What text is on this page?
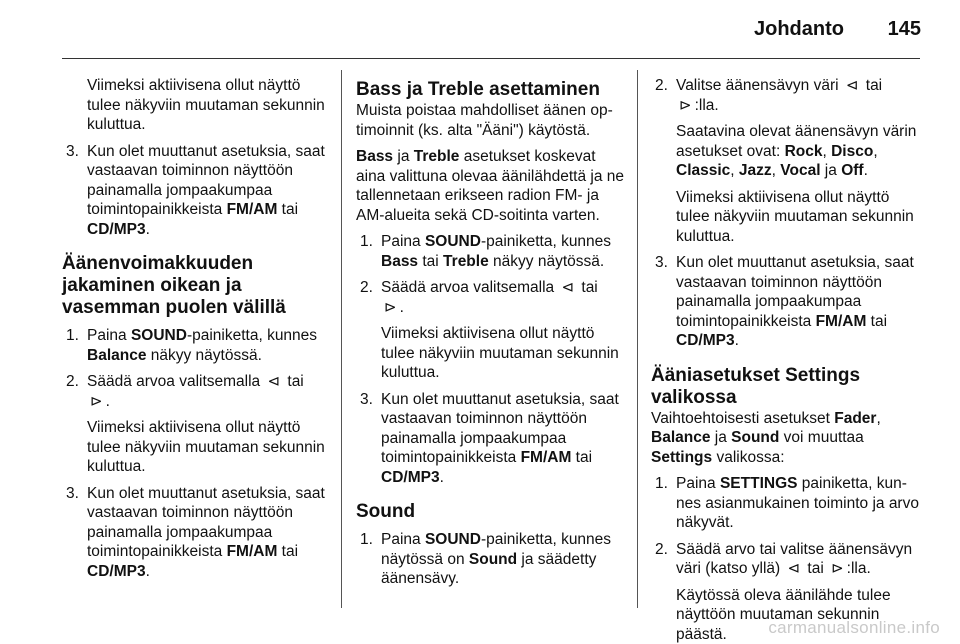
Johdanto 145

Viimeksi aktiivisena ollut näyttö tulee näkyviin muutaman sekunnin kuluttua.

3. Kun olet muuttanut asetuksia, saat vastaavan toiminnon näyttöön painamalla jompaakumpaa toimintopainikkeista FM/AM tai CD/MP3.

Äänenvoimakkuuden jakaminen oikean ja vasemman puolen välillä
1. Paina SOUND-painiketta, kunnes Balance näkyy näytössä.

2. Säädä arvoa valitsemalla ⊲ tai
⊳ .

Viimeksi aktiivisena ollut näyttö tulee näkyviin muutaman sekunnin kuluttua.

3. Kun olet muuttanut asetuksia, saat vastaavan toiminnon näyttöön painamalla jompaakumpaa toimintopainikkeista FM/AM tai CD/MP3.

Bass ja Treble asettaminen

Muista poistaa mahdolliset äänen optimoinnit (ks. alta "Ääni") käytöstä.

Bass ja Treble asetukset koskevat aina valittuna olevaa äänilähdettä ja ne tallennetaan erikseen radion FM- ja AM-alueita sekä CD-soitinta varten.

1. Paina SOUND-painiketta, kunnes Bass tai Treble näkyy näytössä.

2. Säädä arvoa valitsemalla ⊲ tai
⊳ .

Viimeksi aktiivisena ollut näyttö tulee näkyviin muutaman sekunnin kuluttua.

3. Kun olet muuttanut asetuksia, saat vastaavan toiminnon näyttöön painamalla jompaakumpaa toimintopainikkeista FM/AM tai CD/MP3.

Sound
1. Paina SOUND-painiketta, kunnes näytössä on Sound ja säädetty äänensävy.

2. Valitse äänensävyn väri ⊲ tai
⊳ :lla.

Saatavina olevat äänensävyn värin asetukset ovat: Rock, Disco, Classic, Jazz, Vocal ja Off.

Viimeksi aktiivisena ollut näyttö tulee näkyviin muutaman sekunnin kuluttua.

3. Kun olet muuttanut asetuksia, saat vastaavan toiminnon näyttöön painamalla jompaakumpaa toimintopainikkeista FM/AM tai CD/MP3.

Ääniasetukset Settings valikossa

Vaihtoehtoisesti asetukset Fader, Balance ja Sound voi muuttaa Settings valikossa:

1. Paina SETTINGS painiketta, kunnes asianmukainen toiminto ja arvo näkyvät.

2. Säädä arvo tai valitse äänensävyn väri (katso yllä) ⊲ tai ⊳ :lla.

Käytössä oleva äänilähde tulee näyttöön muutaman sekunnin päästä.	carmanualsonline.info
